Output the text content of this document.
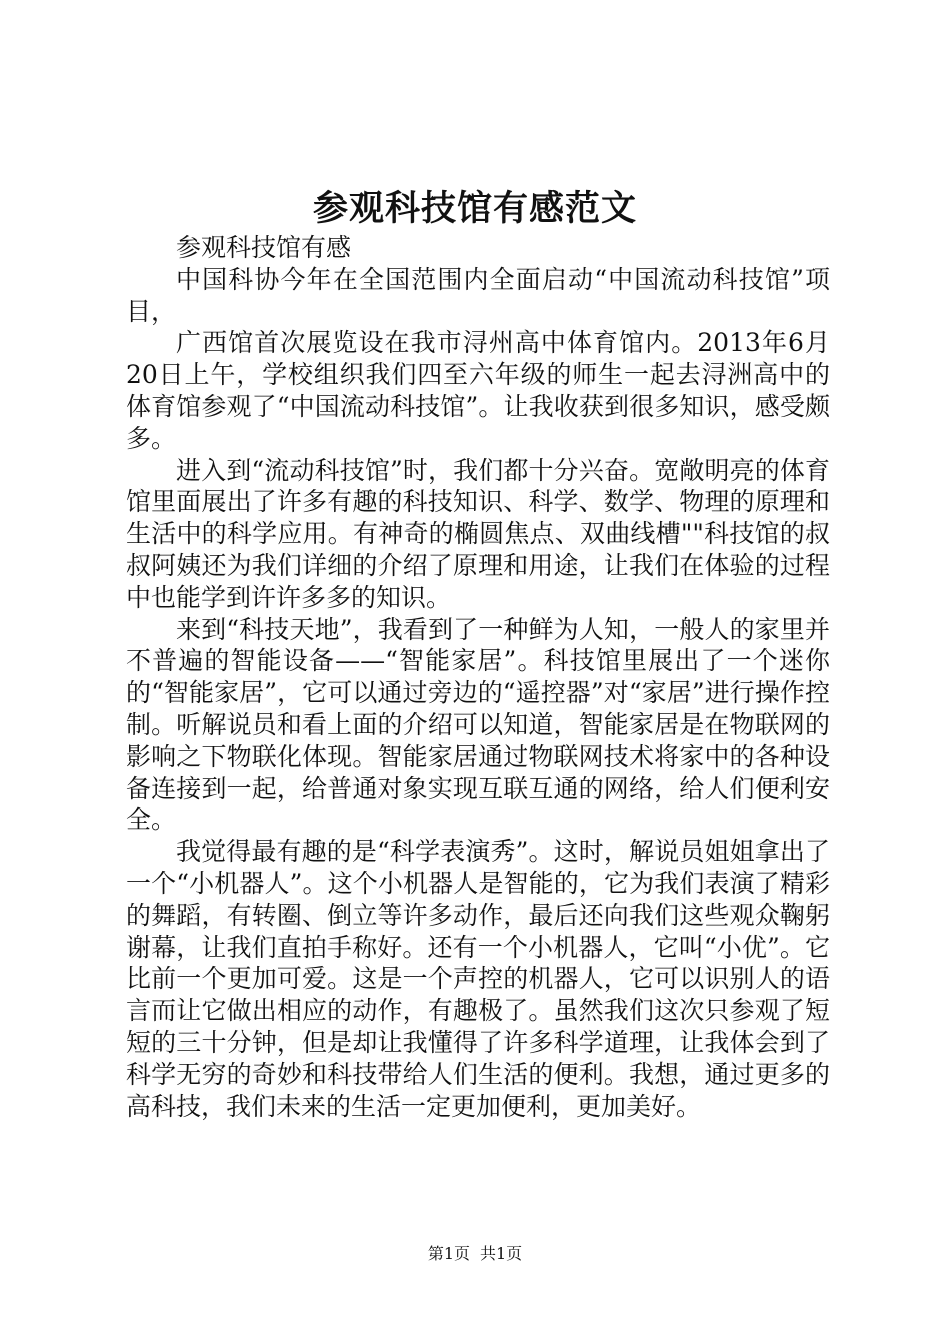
参观科技馆有感范文

参观科技馆有感

中国科协今年在全国范围内全面启动“中国流动科技馆”项目，

广西馆首次展览设在我市浔州高中体育馆内。2013年6月20日上午，学校组织我们四至六年级的师生一起去浔洲高中的体育馆参观了“中国流动科技馆”。让我收获到很多知识，感受颇多。

进入到“流动科技馆”时，我们都十分兴奋。宽敞明亮的体育馆里面展出了许多有趣的科技知识、科学、数学、物理的原理和生活中的科学应用。有神奇的椭圆焦点、双曲线槽""科技馆的叔叔阿姨还为我们详细的介绍了原理和用途，让我们在体验的过程中也能学到许许多多的知识。

来到“科技天地”，我看到了一种鲜为人知，一般人的家里并不普遍的智能设备——“智能家居”。科技馆里展出了一个迷你的“智能家居”，它可以通过旁边的“遥控器”对“家居”进行操作控制。听解说员和看上面的介绍可以知道，智能家居是在物联网的影响之下物联化体现。智能家居通过物联网技术将家中的各种设备连接到一起，给普通对象实现互联互通的网络，给人们便利安全。

我觉得最有趣的是“科学表演秀”。这时，解说员姐姐拿出了一个“小机器人”。这个小机器人是智能的，它为我们表演了精彩的舞蹈，有转圈、倒立等许多动作，最后还向我们这些观众鞠躬谢幕，让我们直拍手称好。还有一个小机器人，它叫“小优”。它比前一个更加可爱。这是一个声控的机器人，它可以识别人的语言而让它做出相应的动作，有趣极了。虽然我们这次只参观了短短的三十分钟，但是却让我懂得了许多科学道理，让我体会到了科学无穷的奇妙和科技带给人们生活的便利。我想，通过更多的高科技，我们未来的生活一定更加便利，更加美好。

第1页 共1页
